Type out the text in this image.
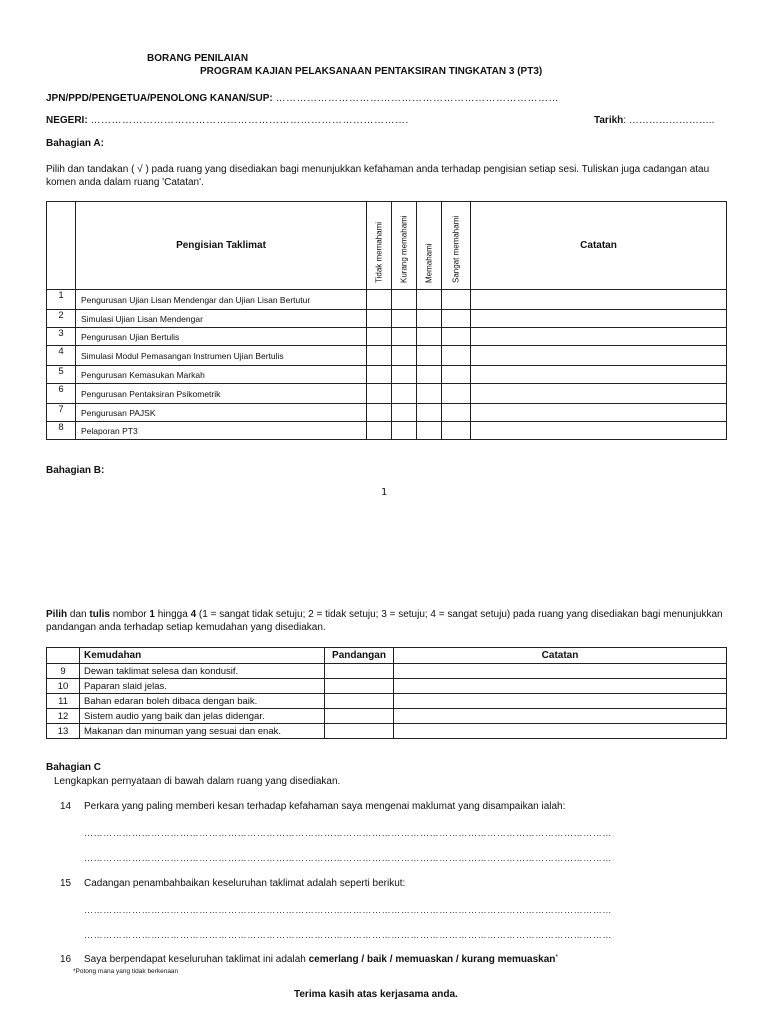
BORANG PENILAIAN
PROGRAM KAJIAN PELAKSANAAN PENTAKSIRAN TINGKATAN 3 (PT3)
JPN/PPD/PENGETUA/PENOLONG KANAN/SUP: ………………………………………………………………………
NEGERI: ……………………………………………………………………………….	Tarikh: ……………………..
Bahagian A:
Pilih dan tandakan ( √ ) pada ruang yang disediakan bagi menunjukkan kefahaman anda terhadap pengisian setiap sesi. Tuliskan juga cadangan atau komen anda dalam ruang 'Catatan'.
	Pengisian Taklimat	Tidak memahami	Kurang memahami	Memahami	Sangat memahami	Catatan
1	Pengurusan Ujian Lisan Mendengar dan Ujian Lisan Bertutur					
2	Simulasi Ujian Lisan Mendengar					
3	Pengurusan Ujian Bertulis					
4	Simulasi Modul Pemasangan Instrumen Ujian Bertulis					
5	Pengurusan Kemasukan Markah					
6	Pengurusan Pentaksiran Psikometrik					
7	Pengurusan PAJSK					
8	Pelaporan PT3					
Bahagian B:
1
Pilih dan tulis nombor 1 hingga 4 (1 = sangat tidak setuju; 2 = tidak setuju; 3 = setuju; 4 = sangat setuju) pada ruang yang disediakan bagi menunjukkan pandangan anda terhadap setiap kemudahan yang disediakan.
	Kemudahan	Pandangan	Catatan
9	Dewan taklimat selesa dan kondusif.		
10	Paparan slaid jelas.		
11	Bahan edaran boleh dibaca dengan baik.		
12	Sistem audio yang baik dan jelas didengar.		
13	Makanan dan minuman yang sesuai dan enak.		
Bahagian C
Lengkapkan pernyataan di bawah dalam ruang yang disediakan.
14 Perkara yang paling memberi kesan terhadap kefahaman saya mengenai maklumat yang disampaikan ialah:
…………………………………………………………………………………………………………………………………………………
…………………………………………………………………………………………………………………………………………………
15 Cadangan penambahbaikan keseluruhan taklimat adalah seperti berikut:
…………………………………………………………………………………………………………………………………………………
…………………………………………………………………………………………………………………………………………………
16 Saya berpendapat keseluruhan taklimat ini adalah cemerlang / baik / memuaskan / kurang memuaskan*
*Potong mana yang tidak berkenaan
Terima kasih atas kerjasama anda.
